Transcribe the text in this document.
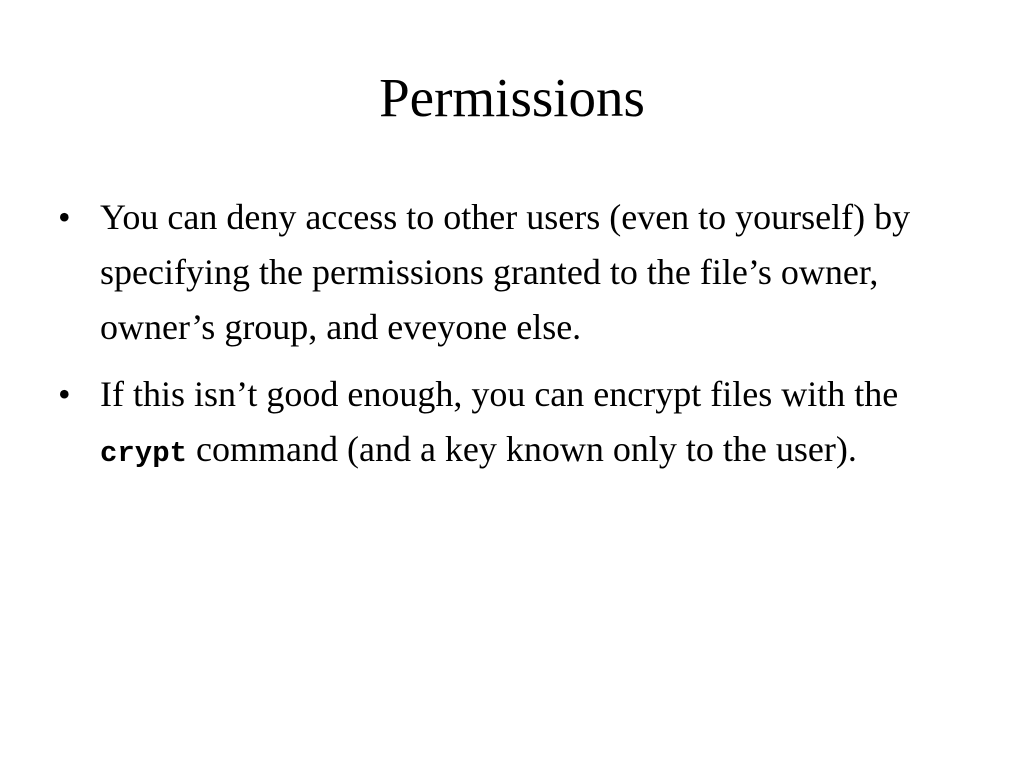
Permissions
• You can deny access to other users (even to yourself) by specifying the permissions granted to the file’s owner, owner’s group, and eveyone else.
• If this isn’t good enough, you can encrypt files with the crypt command (and a key known only to the user).
